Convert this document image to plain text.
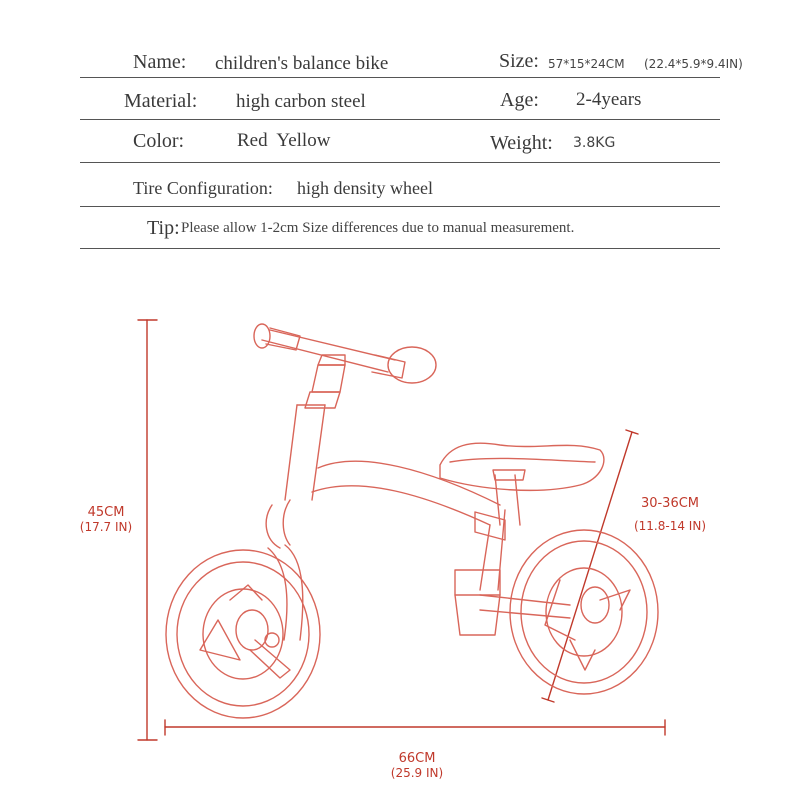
Name: children's balance bike	Size: 57*15*24CM (22.4*5.9*9.4IN)
Material: high carbon steel	Age: 2-4years
Color:	Red  Yellow	Weight: 3.8KG
Tire Configuration: high density wheel
Tip: Please allow 1-2cm Size differences due to manual measurement.
45CM
(17.7 IN)
30-36CM
(11.8-14 IN)
66CM
(25.9 IN)
